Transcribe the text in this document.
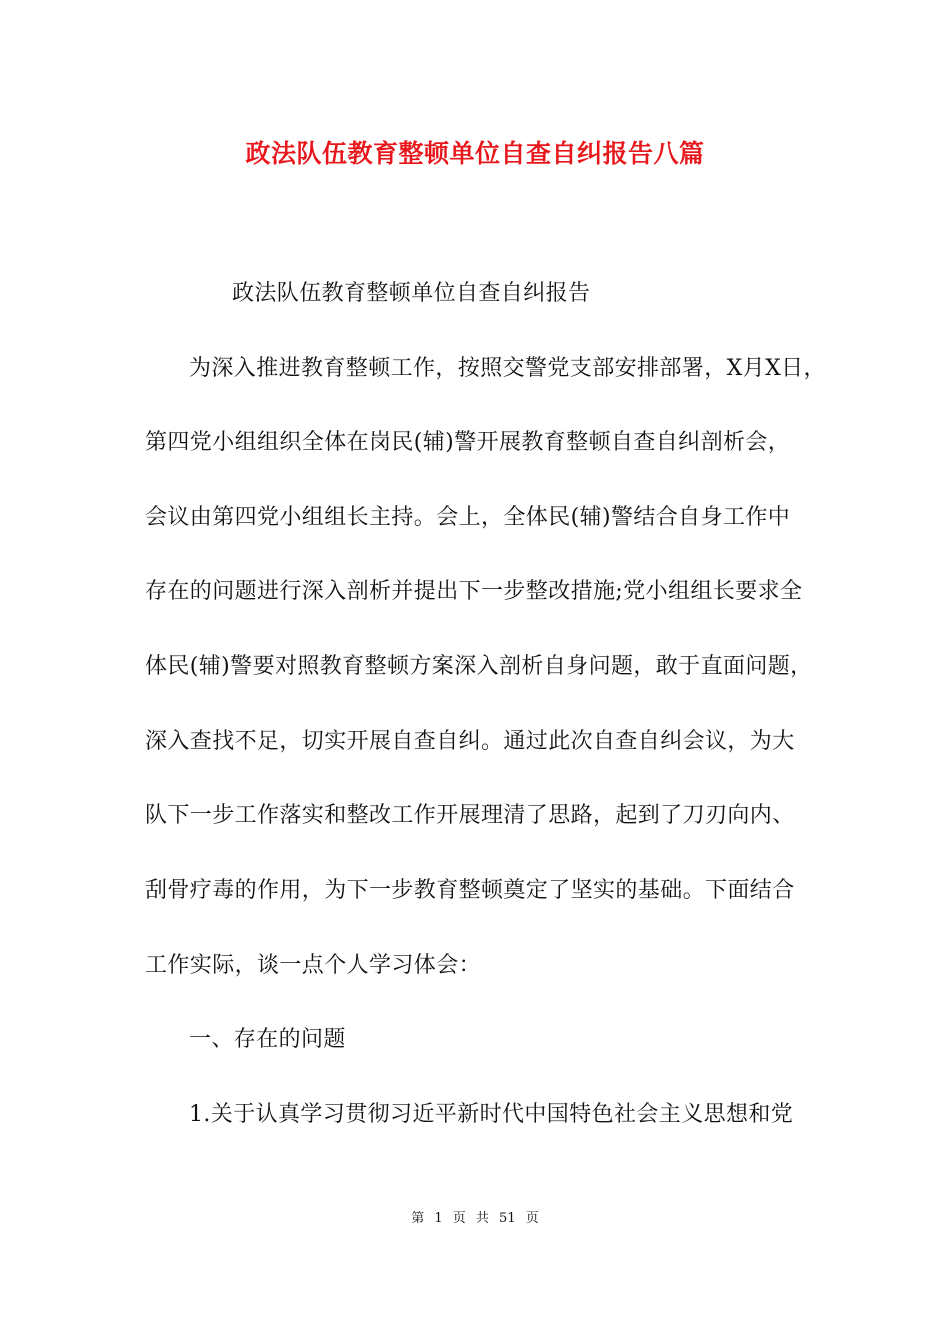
政法队伍教育整顿单位自查自纠报告八篇
政法队伍教育整顿单位自查自纠报告
为深入推进教育整顿工作，按照交警党支部安排部署，X月X日，
第四党小组组织全体在岗民(辅)警开展教育整顿自查自纠剖析会，
会议由第四党小组组长主持。会上，全体民(辅)警结合自身工作中
存在的问题进行深入剖析并提出下一步整改措施;党小组组长要求全
体民(辅)警要对照教育整顿方案深入剖析自身问题，敢于直面问题，
深入查找不足，切实开展自查自纠。通过此次自查自纠会议，为大
队下一步工作落实和整改工作开展理清了思路，起到了刀刃向内、
刮骨疗毒的作用，为下一步教育整顿奠定了坚实的基础。下面结合
工作实际，谈一点个人学习体会：
一、存在的问题
1.关于认真学习贯彻习近平新时代中国特色社会主义思想和党
第 1 页 共 51 页
